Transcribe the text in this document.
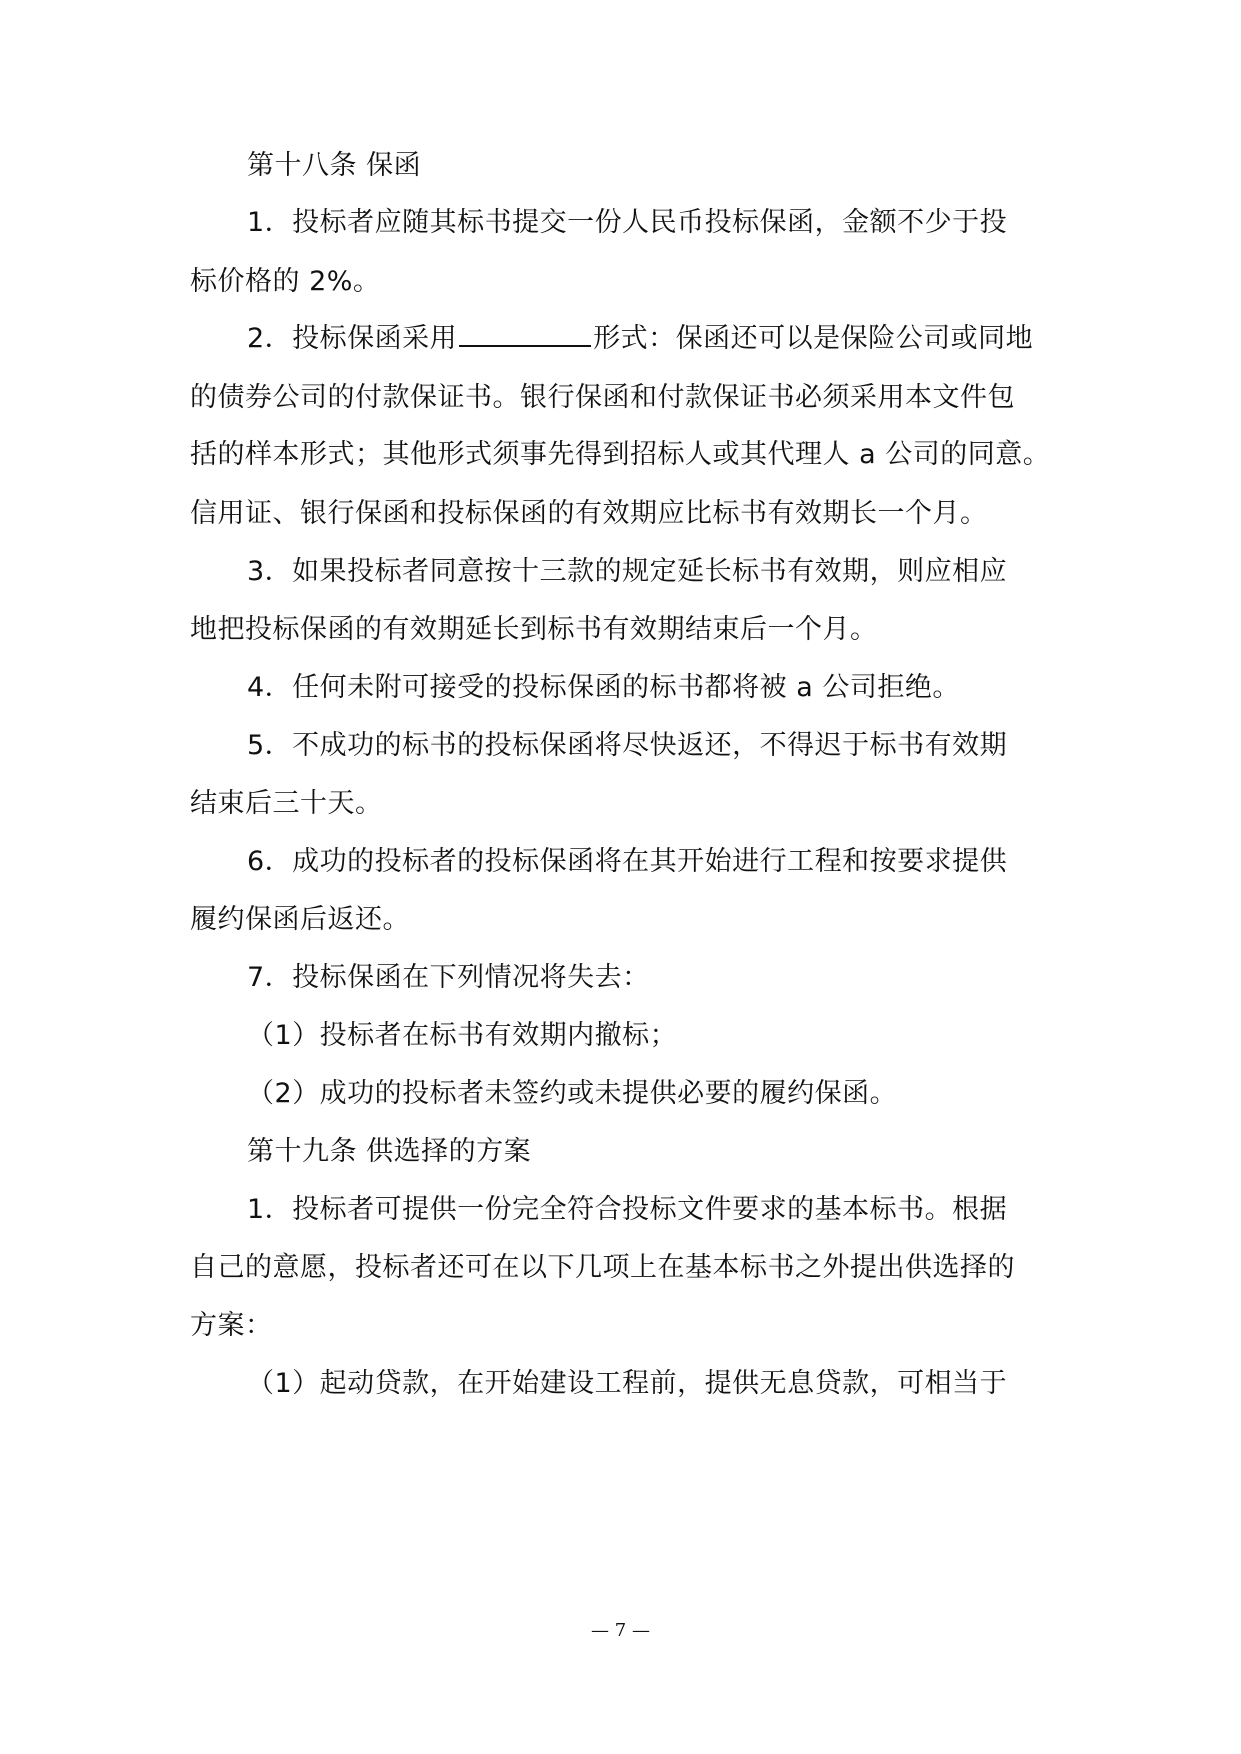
第十八条 保函
1．投标者应随其标书提交一份人民币投标保函，金额不少于投
标价格的 2%。
2．投标保函采用	形式：保函还可以是保险公司或同地
的债券公司的付款保证书。银行保函和付款保证书必须采用本文件包
括的样本形式；其他形式须事先得到招标人或其代理人 a 公司的同意。
信用证、银行保函和投标保函的有效期应比标书有效期长一个月。
3．如果投标者同意按十三款的规定延长标书有效期，则应相应
地把投标保函的有效期延长到标书有效期结束后一个月。
4．任何未附可接受的投标保函的标书都将被 a 公司拒绝。
5．不成功的标书的投标保函将尽快返还，不得迟于标书有效期
结束后三十天。
6．成功的投标者的投标保函将在其开始进行工程和按要求提供
履约保函后返还。
7．投标保函在下列情况将失去：
（1）投标者在标书有效期内撤标；
（2）成功的投标者未签约或未提供必要的履约保函。
第十九条 供选择的方案
1．投标者可提供一份完全符合投标文件要求的基本标书。根据
自己的意愿，投标者还可在以下几项上在基本标书之外提出供选择的
方案：
（1）起动贷款，在开始建设工程前，提供无息贷款，可相当于
— 7 —
